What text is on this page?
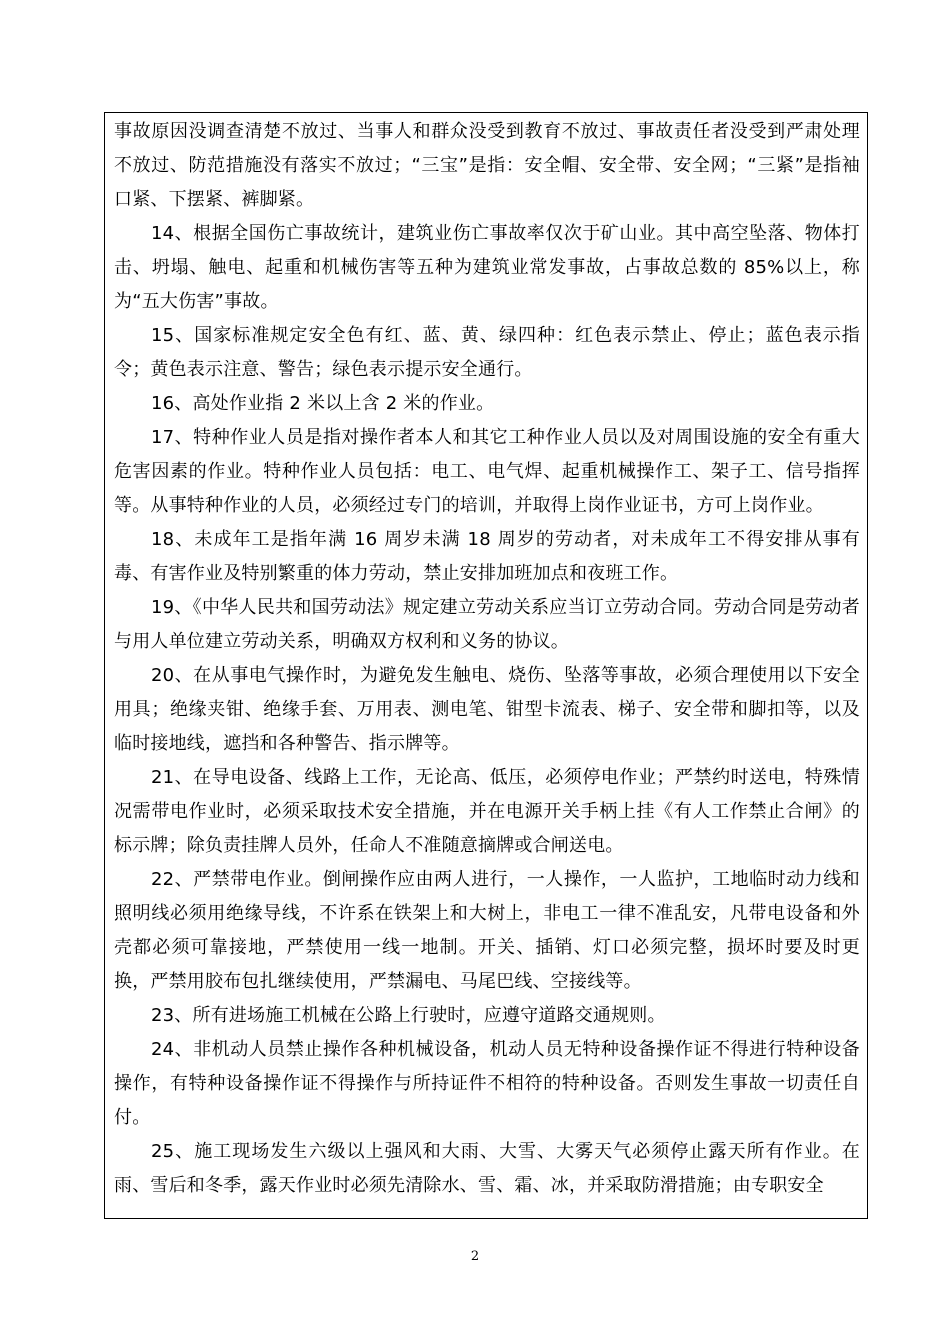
事故原因没调查清楚不放过、当事人和群众没受到教育不放过、事故责任者没受到严肃处理不放过、防范措施没有落实不放过；“三宝”是指：安全帽、安全带、安全网；“三紧”是指袖口紧、下摆紧、裤脚紧。

14、根据全国伤亡事故统计，建筑业伤亡事故率仅次于矿山业。其中高空坠落、物体打击、坍塌、触电、起重和机械伤害等五种为建筑业常发事故，占事故总数的 85%以上，称为“五大伤害”事故。

15、国家标准规定安全色有红、蓝、黄、绿四种：红色表示禁止、停止；蓝色表示指令；黄色表示注意、警告；绿色表示提示安全通行。

16、高处作业指 2 米以上含 2 米的作业。

17、特种作业人员是指对操作者本人和其它工种作业人员以及对周围设施的安全有重大危害因素的作业。特种作业人员包括：电工、电气焊、起重机械操作工、架子工、信号指挥等。从事特种作业的人员，必须经过专门的培训，并取得上岗作业证书，方可上岗作业。

18、未成年工是指年满 16 周岁未满 18 周岁的劳动者，对未成年工不得安排从事有毒、有害作业及特别繁重的体力劳动，禁止安排加班加点和夜班工作。

19、《中华人民共和国劳动法》规定建立劳动关系应当订立劳动合同。劳动合同是劳动者与用人单位建立劳动关系，明确双方权利和义务的协议。

20、在从事电气操作时，为避免发生触电、烧伤、坠落等事故，必须合理使用以下安全用具；绝缘夹钳、绝缘手套、万用表、测电笔、钳型卡流表、梯子、安全带和脚扣等，以及临时接地线，遮挡和各种警告、指示牌等。

21、在导电设备、线路上工作，无论高、低压，必须停电作业；严禁约时送电，特殊情况需带电作业时，必须采取技术安全措施，并在电源开关手柄上挂《有人工作禁止合闸》的标示牌；除负责挂牌人员外，任命人不准随意摘牌或合闸送电。

22、严禁带电作业。倒闸操作应由两人进行，一人操作，一人监护，工地临时动力线和照明线必须用绝缘导线，不许系在铁架上和大树上，非电工一律不准乱安，凡带电设备和外壳都必须可靠接地，严禁使用一线一地制。开关、插销、灯口必须完整，损坏时要及时更换，严禁用胶布包扎继续使用，严禁漏电、马尾巴线、空接线等。

23、所有进场施工机械在公路上行驶时，应遵守道路交通规则。

24、非机动人员禁止操作各种机械设备，机动人员无特种设备操作证不得进行特种设备操作，有特种设备操作证不得操作与所持证件不相符的特种设备。否则发生事故一切责任自付。

25、施工现场发生六级以上强风和大雨、大雪、大雾天气必须停止露天所有作业。在雨、雪后和冬季，露天作业时必须先清除水、雪、霜、冰，并采取防滑措施；由专职安全

2
